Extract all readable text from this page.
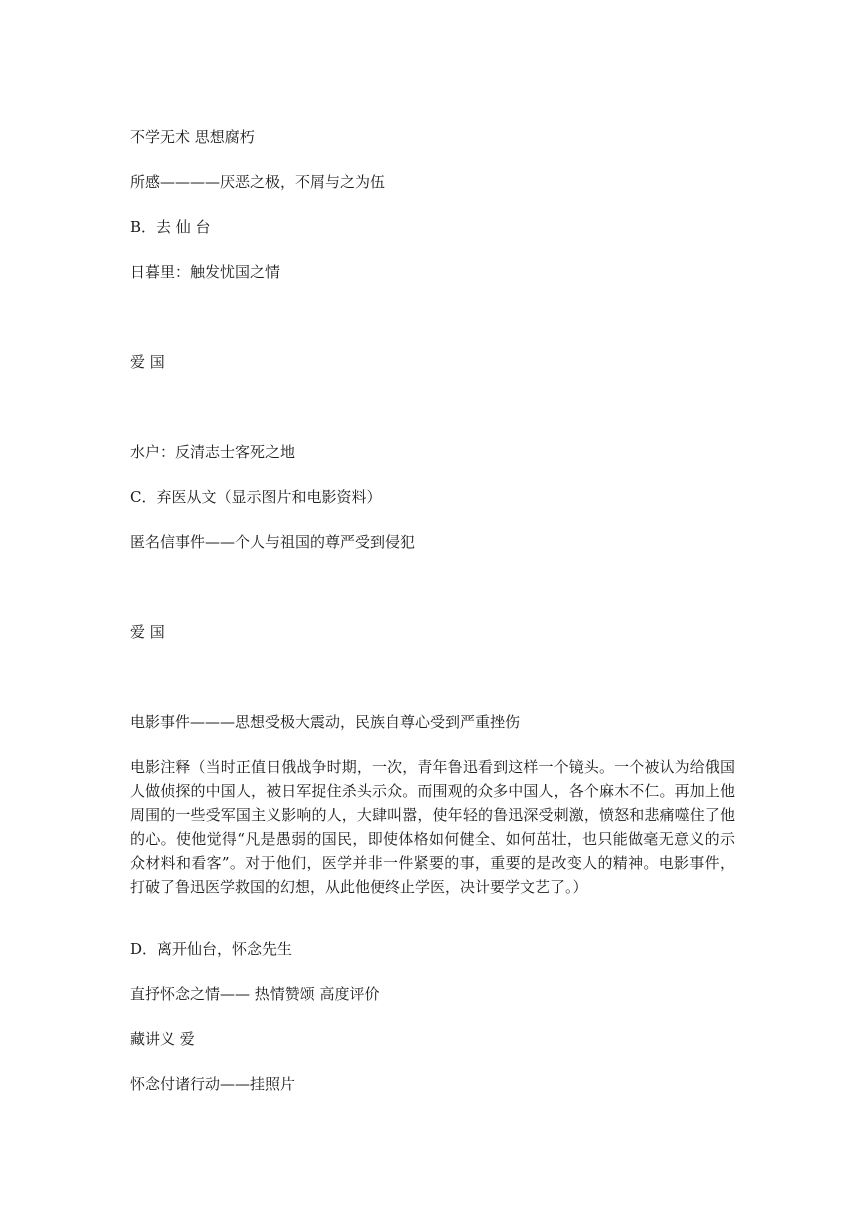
不学无术 思想腐朽

所感————厌恶之极，不屑与之为伍

B．去 仙 台

日暮里：触发忧国之情

爱 国

水户：反清志士客死之地

C．弃医从文（显示图片和电影资料）

匿名信事件——个人与祖国的尊严受到侵犯

爱 国

电影事件———思想受极大震动，民族自尊心受到严重挫伤

电影注释（当时正值日俄战争时期，一次，青年鲁迅看到这样一个镜头。一个被认为给俄国人做侦探的中国人，被日军捉住杀头示众。而围观的众多中国人，各个麻木不仁。再加上他周围的一些受军国主义影响的人，大肆叫嚣，使年轻的鲁迅深受刺激，愤怒和悲痛噬住了他的心。使他觉得“凡是愚弱的国民，即使体格如何健全、如何茁壮，也只能做毫无意义的示众材料和看客”。对于他们，医学并非一件紧要的事，重要的是改变人的精神。电影事件，打破了鲁迅医学救国的幻想，从此他便终止学医，决计要学文艺了。）

D．离开仙台，怀念先生

直抒怀念之情—— 热情赞颂 高度评价

藏讲义 爱

怀念付诸行动——挂照片
